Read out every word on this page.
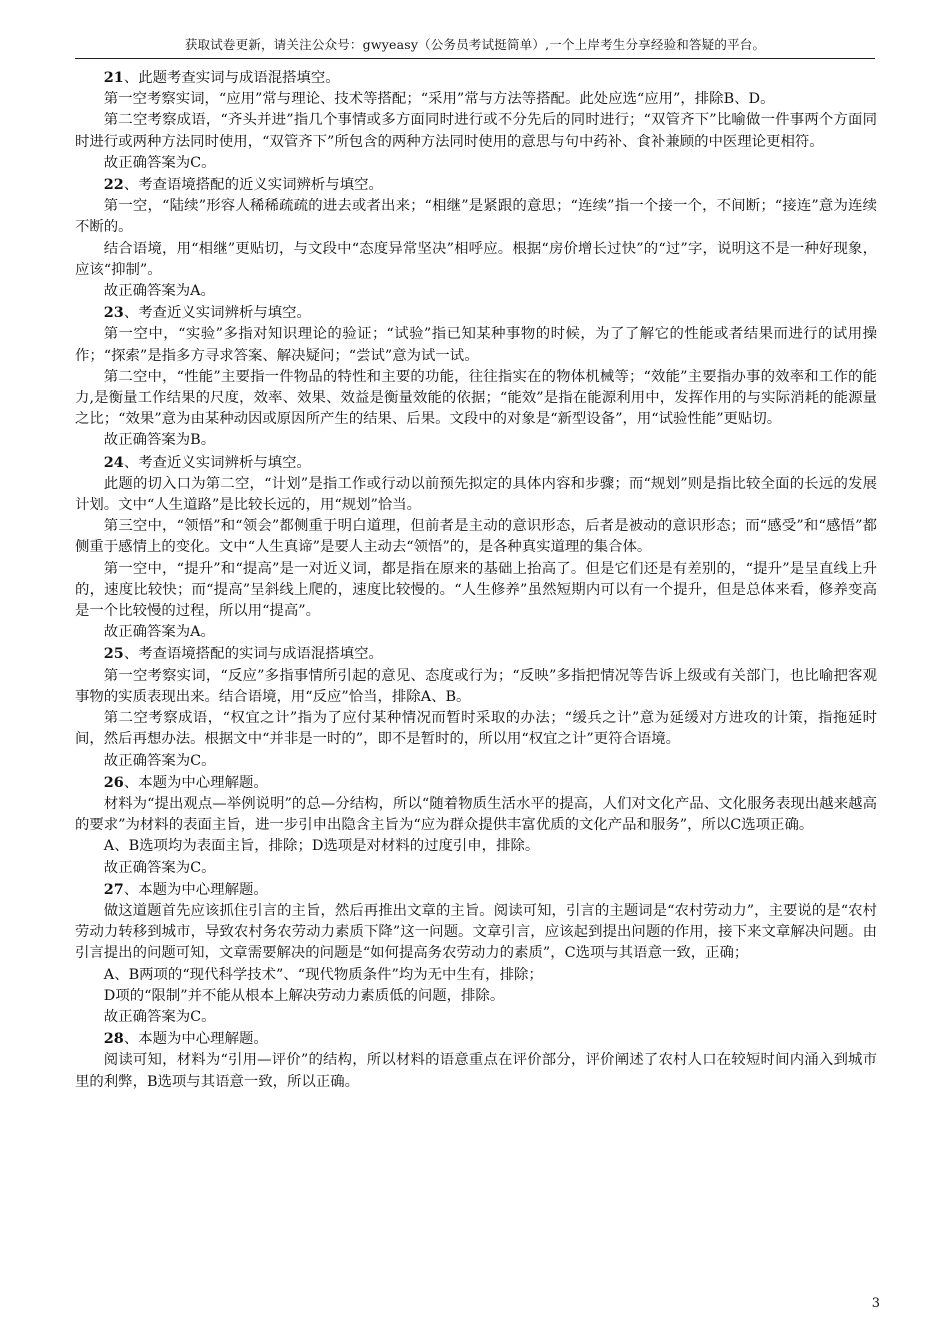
获取试卷更新，请关注公众号：gwyeasy（公务员考试挺简单）,一个上岸考生分享经验和答疑的平台。

21、此题考查实词与成语混搭填空。

第一空考察实词，“应用”常与理论、技术等搭配；“采用”常与方法等搭配。此处应选“应用”，排除B、D。

第二空考察成语，“齐头并进”指几个事情或多方面同时进行或不分先后的同时进行；“双管齐下”比喻做一件事两个方面同时进行或两种方法同时使用，“双管齐下”所包含的两种方法同时使用的意思与句中药补、食补兼顾的中医理论更相符。

故正确答案为C。

22、考查语境搭配的近义实词辨析与填空。

第一空，“陆续”形容人稀稀疏疏的进去或者出来；“相继”是紧跟的意思；“连续”指一个接一个，不间断；“接连”意为连续不断的。

结合语境，用“相继”更贴切，与文段中“态度异常坚决”相呼应。根据“房价增长过快”的“过”字，说明这不是一种好现象，应该“抑制”。

故正确答案为A。

23、考查近义实词辨析与填空。

第一空中，“实验”多指对知识理论的验证；“试验”指已知某种事物的时候，为了了解它的性能或者结果而进行的试用操作；“探索”是指多方寻求答案、解决疑问；“尝试”意为试一试。

第二空中，“性能”主要指一件物品的特性和主要的功能，往往指实在的物体机械等；“效能”主要指办事的效率和工作的能力,是衡量工作结果的尺度，效率、效果、效益是衡量效能的依据；“能效”是指在能源利用中，发挥作用的与实际消耗的能源量之比；“效果”意为由某种动因或原因所产生的结果、后果。文段中的对象是“新型设备”，用“试验性能”更贴切。

故正确答案为B。

24、考查近义实词辨析与填空。

此题的切入口为第二空，“计划”是指工作或行动以前预先拟定的具体内容和步骤；而“规划”则是指比较全面的长远的发展计划。文中“人生道路”是比较长远的，用“规划”恰当。

第三空中，“领悟”和“领会”都侧重于明白道理，但前者是主动的意识形态，后者是被动的意识形态；而“感受”和“感悟”都侧重于感情上的变化。文中“人生真谛”是要人主动去“领悟”的，是各种真实道理的集合体。

第一空中，“提升”和“提高”是一对近义词，都是指在原来的基础上抬高了。但是它们还是有差别的，“提升”是呈直线上升的，速度比较快；而“提高”呈斜线上爬的，速度比较慢的。“人生修养”虽然短期内可以有一个提升，但是总体来看，修养变高是一个比较慢的过程，所以用“提高”。

故正确答案为A。

25、考查语境搭配的实词与成语混搭填空。

第一空考察实词，“反应”多指事情所引起的意见、态度或行为；“反映”多指把情况等告诉上级或有关部门，也比喻把客观事物的实质表现出来。结合语境，用“反应”恰当，排除A、B。

第二空考察成语，“权宜之计”指为了应付某种情况而暂时采取的办法；“缓兵之计”意为延缓对方进攻的计策，指拖延时间，然后再想办法。根据文中“并非是一时的”，即不是暂时的，所以用“权宜之计”更符合语境。

故正确答案为C。

26、本题为中心理解题。

材料为“提出观点—举例说明”的总—分结构，所以“随着物质生活水平的提高，人们对文化产品、文化服务表现出越来越高的要求”为材料的表面主旨，进一步引申出隐含主旨为“应为群众提供丰富优质的文化产品和服务”，所以C选项正确。

A、B选项均为表面主旨，排除；D选项是对材料的过度引申，排除。

故正确答案为C。

27、本题为中心理解题。

做这道题首先应该抓住引言的主旨，然后再推出文章的主旨。阅读可知，引言的主题词是“农村劳动力”，主要说的是“农村劳动力转移到城市，导致农村务农劳动力素质下降”这一问题。文章引言，应该起到提出问题的作用，接下来文章解决问题。由引言提出的问题可知，文章需要解决的问题是“如何提高务农劳动力的素质”，C选项与其语意一致，正确；

A、B两项的“现代科学技术”、“现代物质条件”均为无中生有，排除；

D项的“限制”并不能从根本上解决劳动力素质低的问题，排除。

故正确答案为C。

28、本题为中心理解题。

阅读可知，材料为“引用—评价”的结构，所以材料的语意重点在评价部分，评价阐述了农村人口在较短时间内涌入到城市里的利弊，B选项与其语意一致，所以正确。

3
